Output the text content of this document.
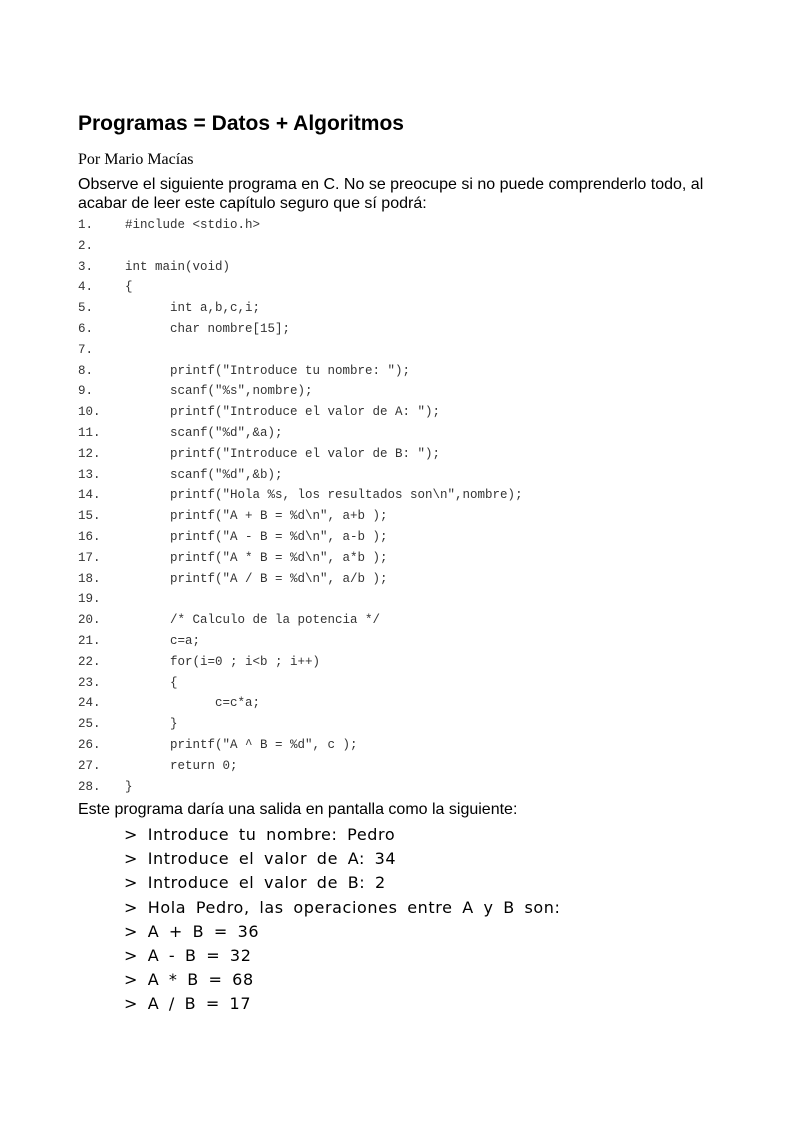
Programas = Datos + Algoritmos

Por Mario Macías

Observe el siguiente programa en C. No se preocupe si no puede comprenderlo todo, al acabar de leer este capítulo seguro que sí podrá:

1.	#include <stdio.h>
2.
3.	int main(void)
4.	{
5.	int a,b,c,i;
6.	char nombre[15];
7.
8.	printf("Introduce tu nombre: ");
9.	scanf("%s",nombre);
10. printf("Introduce el valor de A: ");
11. scanf("%d",&a);
12. printf("Introduce el valor de B: ");
13. scanf("%d",&b);
14. printf("Hola %s, los resultados son\n",nombre);
15. printf("A + B = %d\n", a+b );
16. printf("A - B = %d\n", a-b );
17. printf("A * B = %d\n", a*b );
18. printf("A / B = %d\n", a/b );
19.
20. /* Calculo de la potencia */
21. c=a;
22. for(i=0 ; i<b ; i++)
23. {
24. c=c*a;
25. }
26. printf("A ^ B = %d", c );
27. return 0;
28. }

Este programa daría una salida en pantalla como la siguiente:

> Introduce tu nombre: Pedro
> Introduce el valor de A: 34
> Introduce el valor de B: 2
> Hola Pedro, las operaciones entre A y B son:
> A + B = 36
> A - B = 32
> A * B = 68
> A / B = 17
